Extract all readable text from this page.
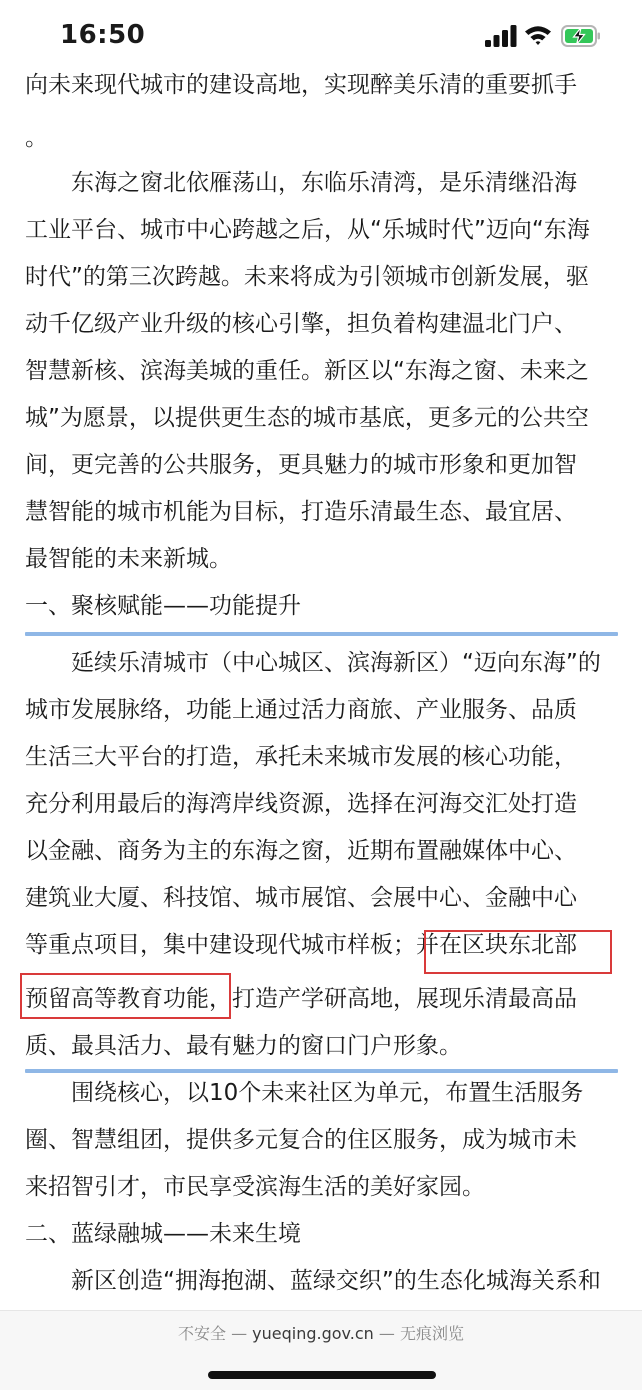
16:50
向未来现代城市的建设高地，实现醉美乐清的重要抓手
。
东海之窗北依雁荡山，东临乐清湾，是乐清继沿海
工业平台、城市中心跨越之后，从“乐城时代”迈向“东海
时代”的第三次跨越。未来将成为引领城市创新发展，驱
动千亿级产业升级的核心引擎，担负着构建温北门户、
智慧新核、滨海美城的重任。新区以“东海之窗、未来之
城”为愿景，以提供更生态的城市基底，更多元的公共空
间，更完善的公共服务，更具魅力的城市形象和更加智
慧智能的城市机能为目标，打造乐清最生态、最宜居、
最智能的未来新城。
一、聚核赋能——功能提升
延续乐清城市（中心城区、滨海新区）“迈向东海”的
城市发展脉络，功能上通过活力商旅、产业服务、品质
生活三大平台的打造，承托未来城市发展的核心功能，
充分利用最后的海湾岸线资源，选择在河海交汇处打造
以金融、商务为主的东海之窗，近期布置融媒体中心、
建筑业大厦、科技馆、城市展馆、会展中心、金融中心
等重点项目，集中建设现代城市样板；并在区块东北部
预留高等教育功能，打造产学研高地，展现乐清最高品
质、最具活力、最有魅力的窗口门户形象。
围绕核心，以10个未来社区为单元，布置生活服务
圈、智慧组团，提供多元复合的住区服务，成为城市未
来招智引才，市民享受滨海生活的美好家园。
二、蓝绿融城——未来生境
新区创造“拥海抱湖、蓝绿交织”的生态化城海关系和
不安全 — yueqing.gov.cn — 无痕浏览
